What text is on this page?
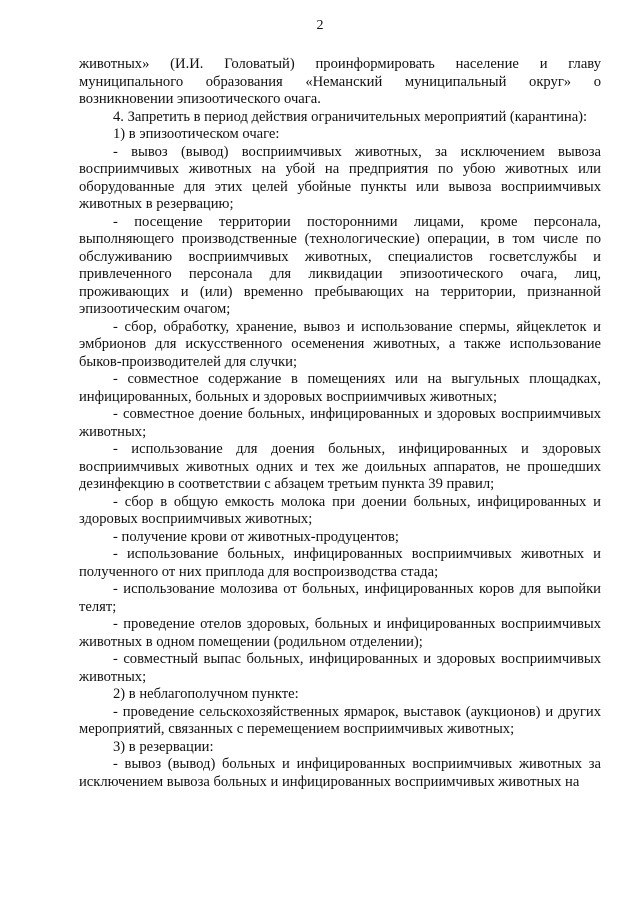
2

животных» (И.И. Головатый) проинформировать население и главу муниципального образования «Неманский муниципальный округ» о возникновении эпизоотического очага.

4. Запретить в период действия ограничительных мероприятий (карантина):

1) в эпизоотическом очаге:

- вывоз (вывод) восприимчивых животных, за исключением вывоза восприимчивых животных на убой на предприятия по убою животных или оборудованные для этих целей убойные пункты или вывоза восприимчивых животных в резервацию;

- посещение территории посторонними лицами, кроме персонала, выполняющего производственные (технологические) операции, в том числе по обслуживанию восприимчивых животных, специалистов госветслужбы и привлеченного персонала для ликвидации эпизоотического очага, лиц, проживающих и (или) временно пребывающих на территории, признанной эпизоотическим очагом;

- сбор, обработку, хранение, вывоз и использование спермы, яйцеклеток и эмбрионов для искусственного осеменения животных, а также использование быков-производителей для случки;

- совместное содержание в помещениях или на выгульных площадках, инфицированных, больных и здоровых восприимчивых животных;

- совместное доение больных, инфицированных и здоровых восприимчивых животных;

- использование для доения больных, инфицированных и здоровых восприимчивых животных одних и тех же доильных аппаратов, не прошедших дезинфекцию в соответствии с абзацем третьим пункта 39 правил;

- сбор в общую емкость молока при доении больных, инфицированных и здоровых восприимчивых животных;

- получение крови от животных-продуцентов;

- использование больных, инфицированных восприимчивых животных и полученного от них приплода для воспроизводства стада;

- использование молозива от больных, инфицированных коров для выпойки телят;

- проведение отелов здоровых, больных и инфицированных восприимчивых животных в одном помещении (родильном отделении);

- совместный выпас больных, инфицированных и здоровых восприимчивых животных;

2) в неблагополучном пункте:

- проведение сельскохозяйственных ярмарок, выставок (аукционов) и других мероприятий, связанных с перемещением восприимчивых животных;

3) в резервации:

- вывоз (вывод) больных и инфицированных восприимчивых животных за исключением вывоза больных и инфицированных восприимчивых животных на
